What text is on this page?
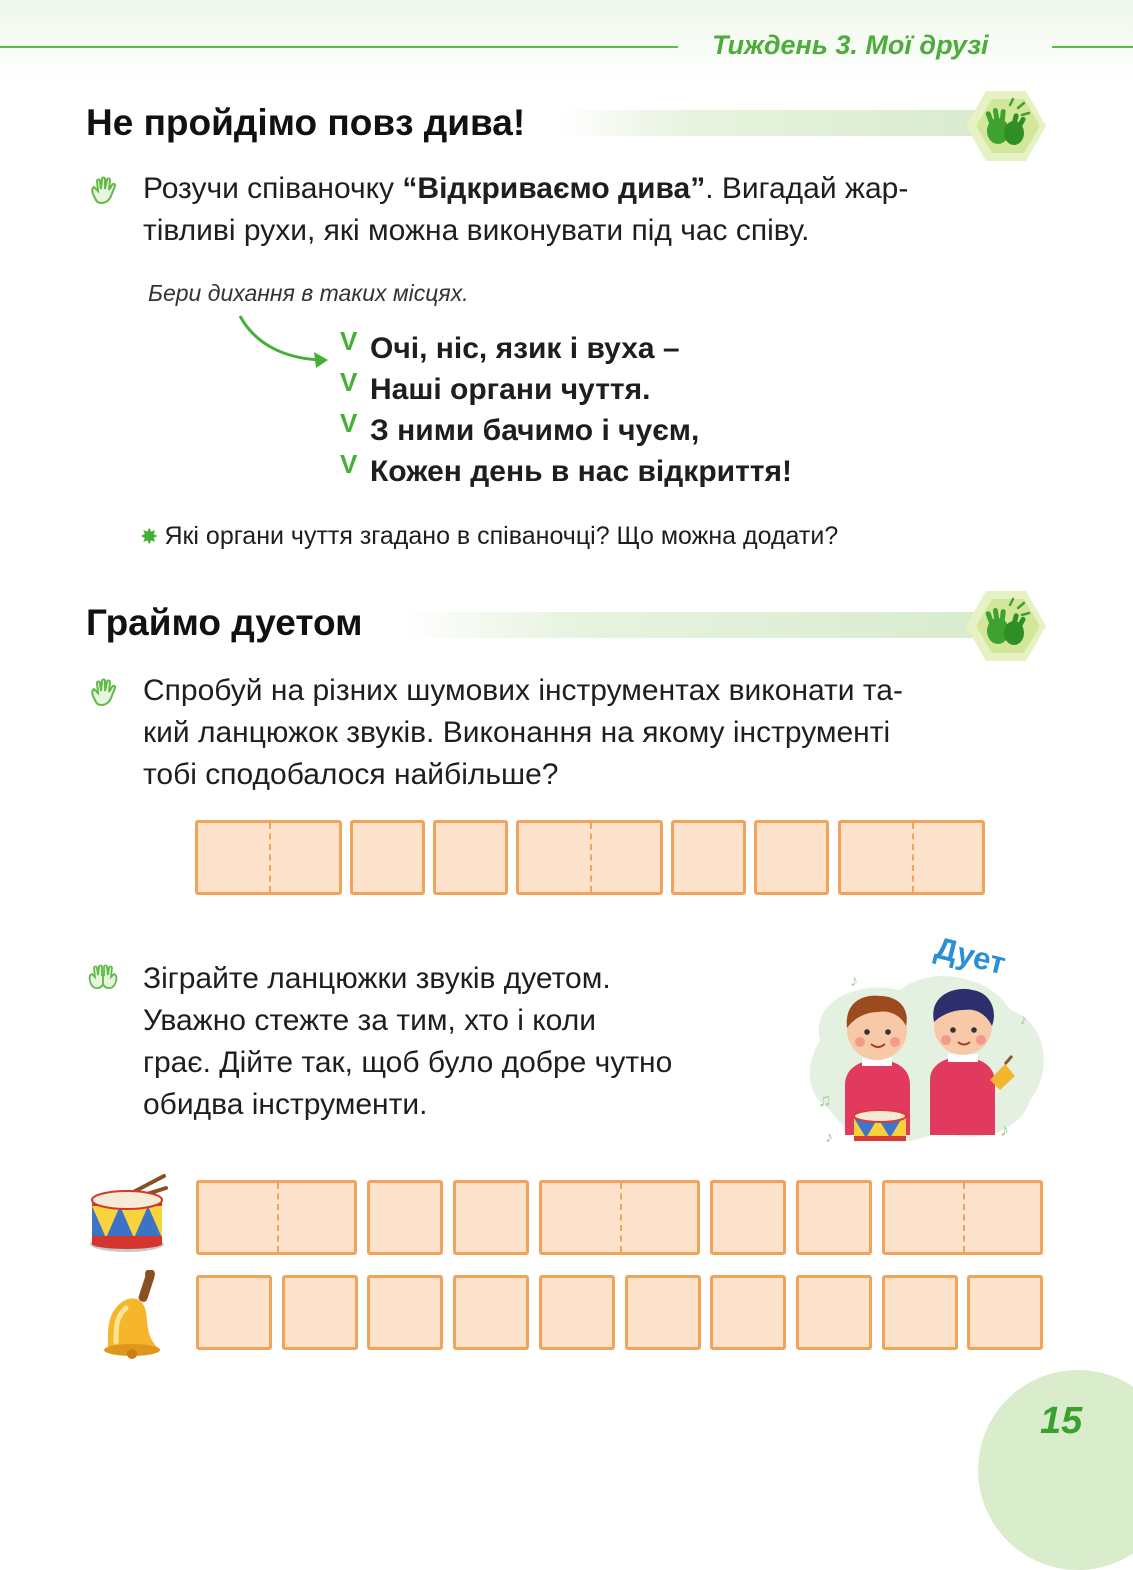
Тиждень 3. Мої друзі
Не пройдімо повз дива!
Розучи співаночку “Відкриваємо дива”. Вигадай жар-
тівливі рухи, які можна виконувати під час співу.
Бери дихання в таких місцях.
V Очі, ніс, язик і вуха –
V Наші органи чуття.
V З ними бачимо і чуєм,
V Кожен день в нас відкриття!
✸ Які органи чуття згадано в співаночці? Що можна додати?
Граймо дуетом
Спробуй на різних шумових інструментах виконати та-
кий ланцюжок звуків. Виконання на якому інструменті
тобі сподобалося найбільше?
Зіграйте ланцюжки звуків дуетом.
Уважно стежте за тим, хто і коли
грає. Дійте так, щоб було добре чутно
обидва інструменти.
Дует
♪
♫
♪	♪
♪
15
